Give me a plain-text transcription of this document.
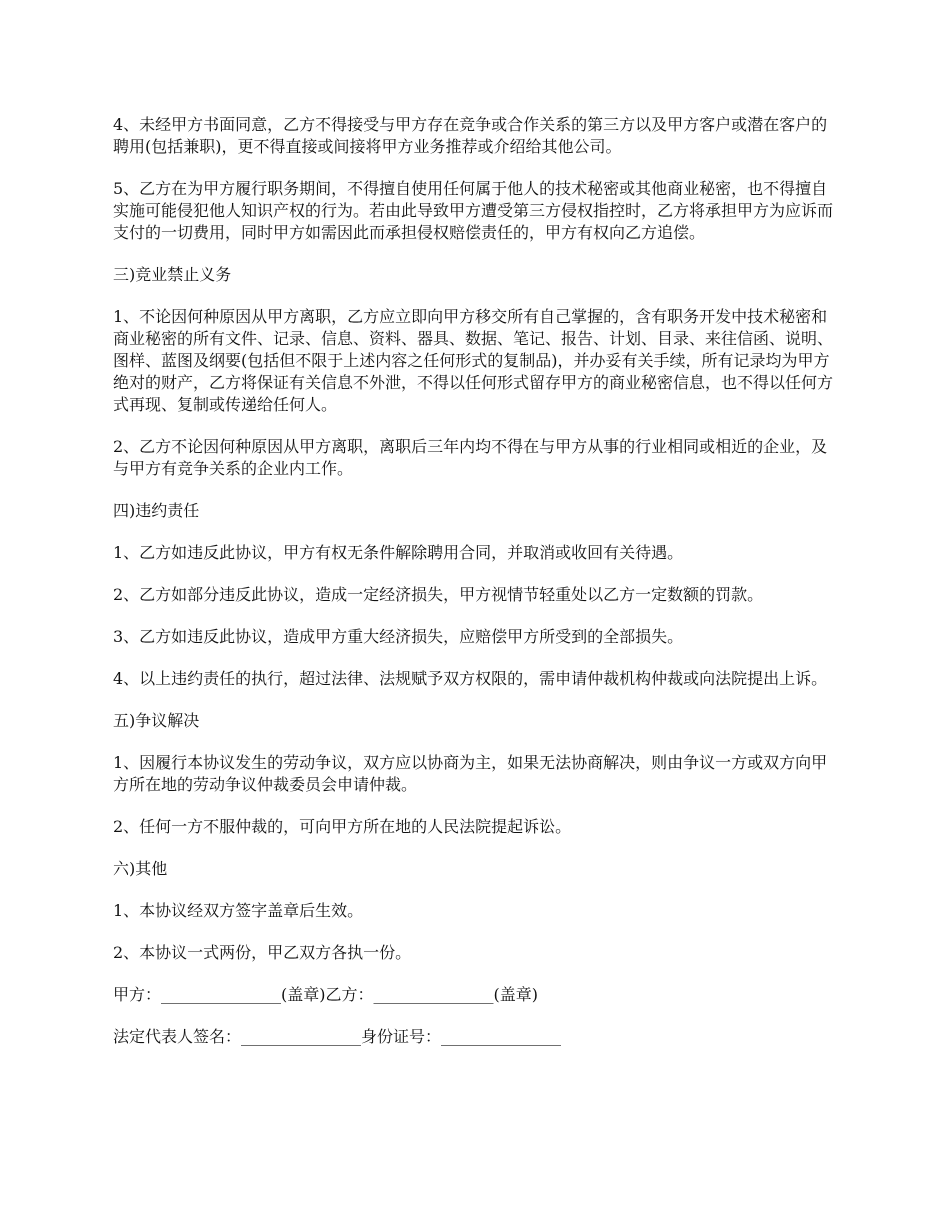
4、未经甲方书面同意，乙方不得接受与甲方存在竞争或合作关系的第三方以及甲方客户或潜在客户的聘用(包括兼职)，更不得直接或间接将甲方业务推荐或介绍给其他公司。

5、乙方在为甲方履行职务期间，不得擅自使用任何属于他人的技术秘密或其他商业秘密，也不得擅自实施可能侵犯他人知识产权的行为。若由此导致甲方遭受第三方侵权指控时，乙方将承担甲方为应诉而支付的一切费用，同时甲方如需因此而承担侵权赔偿责任的，甲方有权向乙方追偿。

三)竞业禁止义务

1、不论因何种原因从甲方离职，乙方应立即向甲方移交所有自己掌握的，含有职务开发中技术秘密和商业秘密的所有文件、记录、信息、资料、器具、数据、笔记、报告、计划、目录、来往信函、说明、图样、蓝图及纲要(包括但不限于上述内容之任何形式的复制品)，并办妥有关手续，所有记录均为甲方绝对的财产，乙方将保证有关信息不外泄，不得以任何形式留存甲方的商业秘密信息，也不得以任何方式再现、复制或传递给任何人。

2、乙方不论因何种原因从甲方离职，离职后三年内均不得在与甲方从事的行业相同或相近的企业，及与甲方有竞争关系的企业内工作。

四)违约责任

1、乙方如违反此协议，甲方有权无条件解除聘用合同，并取消或收回有关待遇。

2、乙方如部分违反此协议，造成一定经济损失，甲方视情节轻重处以乙方一定数额的罚款。

3、乙方如违反此协议，造成甲方重大经济损失，应赔偿甲方所受到的全部损失。

4、以上违约责任的执行，超过法律、法规赋予双方权限的，需申请仲裁机构仲裁或向法院提出上诉。

五)争议解决

1、因履行本协议发生的劳动争议，双方应以协商为主，如果无法协商解决，则由争议一方或双方向甲方所在地的劳动争议仲裁委员会申请仲裁。

2、任何一方不服仲裁的，可向甲方所在地的人民法院提起诉讼。

六)其他

1、本协议经双方签字盖章后生效。

2、本协议一式两份，甲乙双方各执一份。

甲方：_______________(盖章)乙方：_______________(盖章)

法定代表人签名：_______________身份证号：_______________
